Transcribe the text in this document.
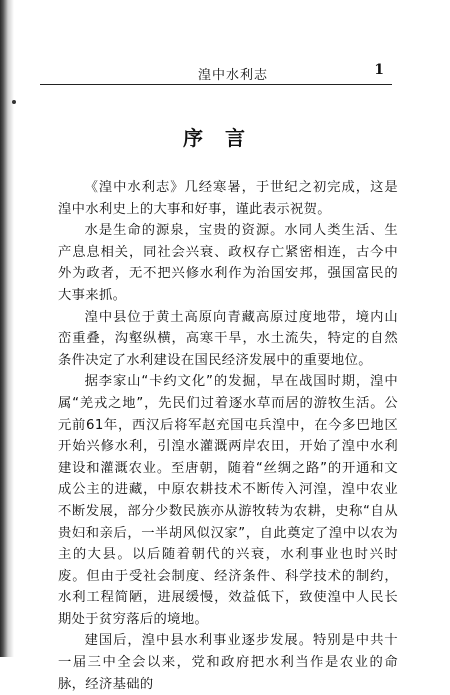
湟中水利志	1
序言

《湟中水利志》几经寒暑，于世纪之初完成，这是湟中水利史上的大事和好事，谨此表示祝贺。

水是生命的源泉，宝贵的资源。水同人类生活、生产息息相关，同社会兴衰、政权存亡紧密相连，古今中外为政者，无不把兴修水利作为治国安邦，强国富民的大事来抓。

湟中县位于黄土高原向青藏高原过度地带，境内山峦重叠，沟壑纵横，高寒干旱，水土流失，特定的自然条件决定了水利建设在国民经济发展中的重要地位。

据李家山“卡约文化”的发掘，早在战国时期，湟中属“羌戎之地”，先民们过着逐水草而居的游牧生活。公元前61年，西汉后将军赵充国屯兵湟中，在今多巴地区开始兴修水利，引湟水灌溉两岸农田，开始了湟中水利建设和灌溉农业。至唐朝，随着“丝绸之路”的开通和文成公主的进藏，中原农耕技术不断传入河湟，湟中农业不断发展，部分少数民族亦从游牧转为农耕，史称“自从贵妇和亲后，一半胡风似汉家”，自此奠定了湟中以农为主的大县。以后随着朝代的兴衰，水利事业也时兴时废。但由于受社会制度、经济条件、科学技术的制约，水利工程简陋，进展缓慢，效益低下，致使湟中人民长期处于贫穷落后的境地。

建国后，湟中县水利事业逐步发展。特别是中共十一届三中全会以来，党和政府把水利当作是农业的命脉，经济基础的
